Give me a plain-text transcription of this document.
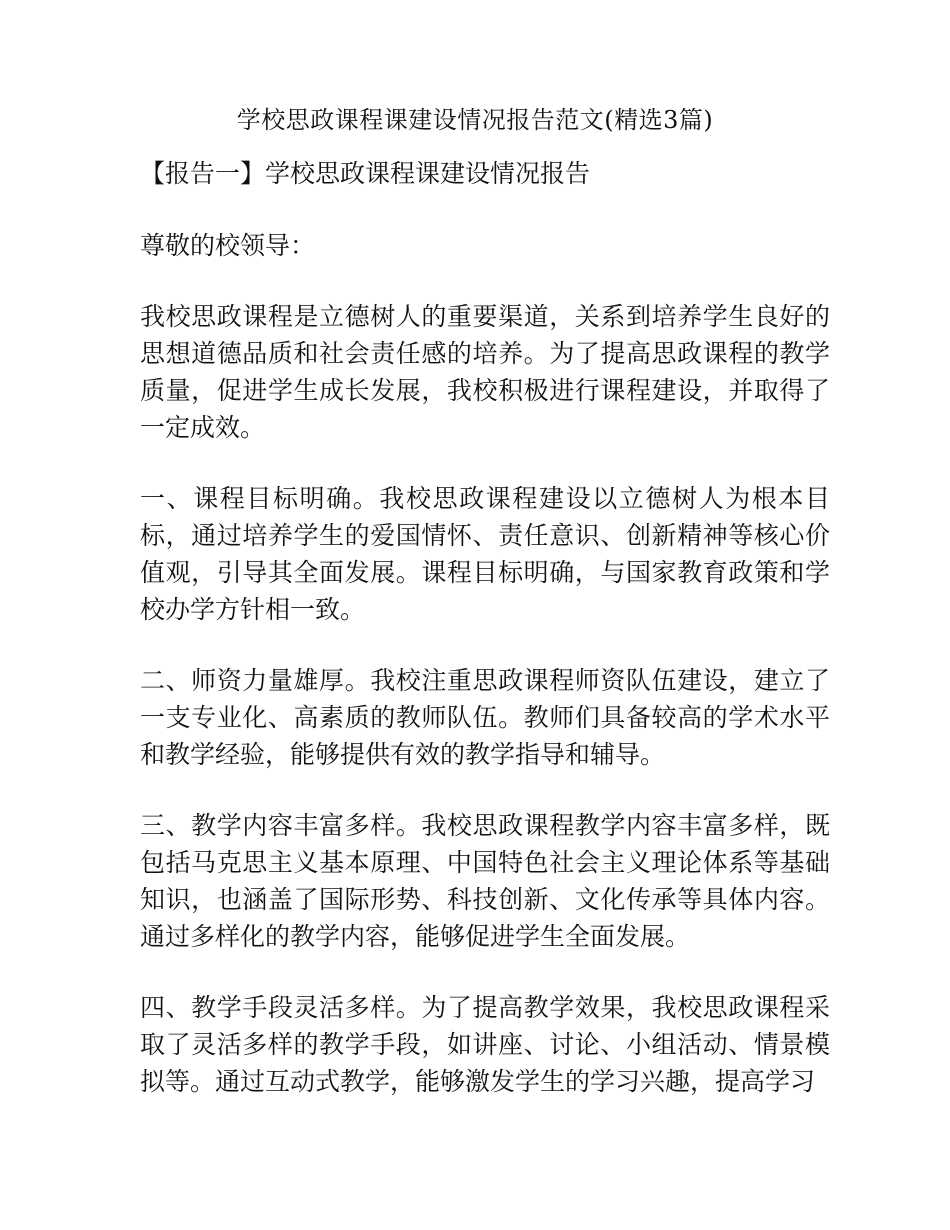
学校思政课程课建设情况报告范文(精选3篇)
【报告一】学校思政课程课建设情况报告

尊敬的校领导：

我校思政课程是立德树人的重要渠道，关系到培养学生良好的思想道德品质和社会责任感的培养。为了提高思政课程的教学质量，促进学生成长发展，我校积极进行课程建设，并取得了一定成效。

一、课程目标明确。我校思政课程建设以立德树人为根本目标，通过培养学生的爱国情怀、责任意识、创新精神等核心价值观，引导其全面发展。课程目标明确，与国家教育政策和学校办学方针相一致。

二、师资力量雄厚。我校注重思政课程师资队伍建设，建立了一支专业化、高素质的教师队伍。教师们具备较高的学术水平和教学经验，能够提供有效的教学指导和辅导。

三、教学内容丰富多样。我校思政课程教学内容丰富多样，既包括马克思主义基本原理、中国特色社会主义理论体系等基础知识，也涵盖了国际形势、科技创新、文化传承等具体内容。通过多样化的教学内容，能够促进学生全面发展。

四、教学手段灵活多样。为了提高教学效果，我校思政课程采取了灵活多样的教学手段，如讲座、讨论、小组活动、情景模拟等。通过互动式教学，能够激发学生的学习兴趣，提高学习
